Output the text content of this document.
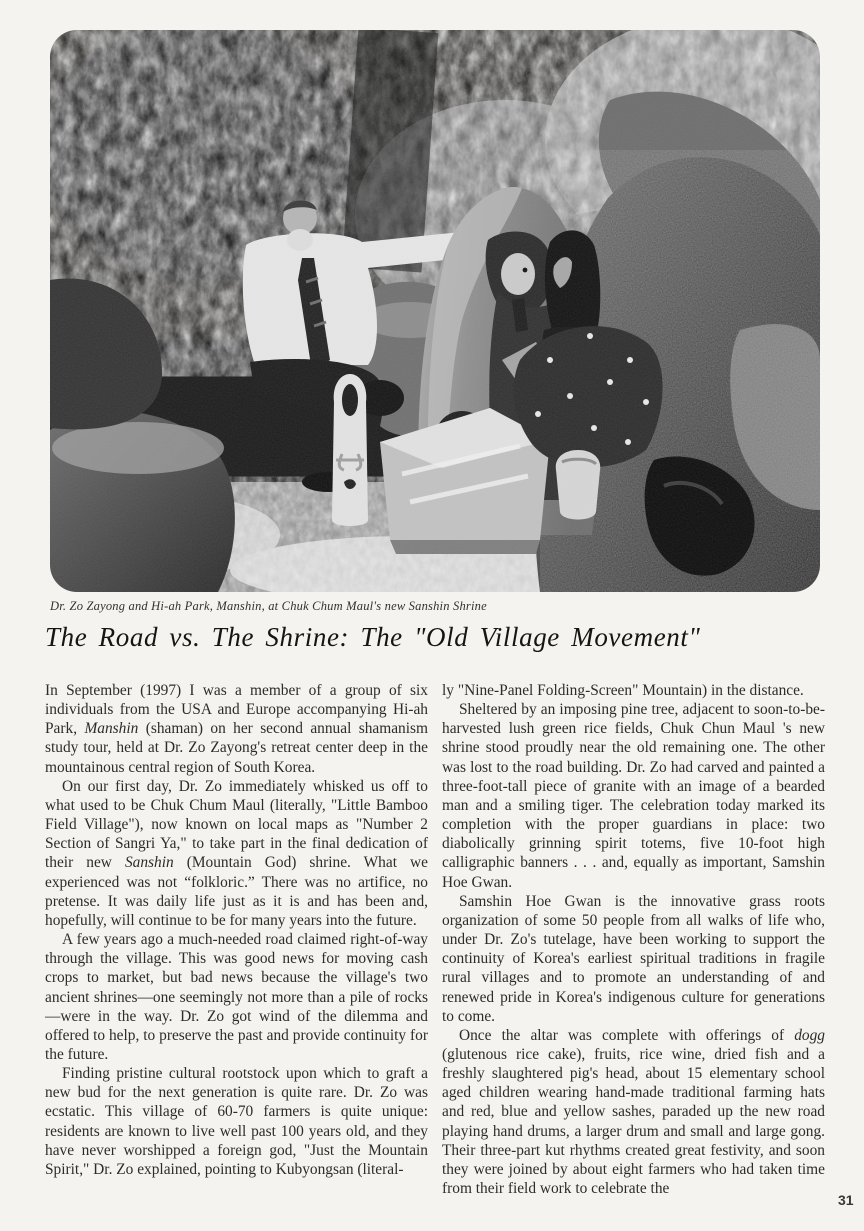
Dr. Zo Zayong and Hi-ah Park, Manshin, at Chuk Chum Maul's new Sanshin Shrine
The Road vs. The Shrine: The "Old Village Movement"

In September (1997) I was a member of a group of six individuals from the USA and Europe accompanying Hi-ah Park, Manshin (shaman) on her second annual shamanism study tour, held at Dr. Zo Zayong's retreat center deep in the mountainous central region of South Korea.

On our first day, Dr. Zo immediately whisked us off to what used to be Chuk Chum Maul (literally, "Little Bamboo Field Village"), now known on local maps as "Number 2 Section of Sangri Ya," to take part in the final dedication of their new Sanshin (Mountain God) shrine. What we experienced was not “folkloric.” There was no artifice, no pretense. It was daily life just as it is and has been and, hopefully, will continue to be for many years into the future.

A few years ago a much-needed road claimed right-of-way through the village. This was good news for moving cash crops to market, but bad news because the village's two ancient shrines—one seemingly not more than a pile of rocks—were in the way. Dr. Zo got wind of the dilemma and offered to help, to preserve the past and provide continuity for the future.

Finding pristine cultural rootstock upon which to graft a new bud for the next generation is quite rare. Dr. Zo was ecstatic. This village of 60-70 farmers is quite unique: residents are known to live well past 100 years old, and they have never worshipped a foreign god, "Just the Mountain Spirit," Dr. Zo explained, pointing to Kubyongsan (literal-

ly "Nine-Panel Folding-Screen" Mountain) in the distance.

Sheltered by an imposing pine tree, adjacent to soon-to-be-harvested lush green rice fields, Chuk Chun Maul 's new shrine stood proudly near the old remaining one. The other was lost to the road building. Dr. Zo had carved and painted a three-foot-tall piece of granite with an image of a bearded man and a smiling tiger. The celebration today marked its completion with the proper guardians in place: two diabolically grinning spirit totems, five 10-foot high calligraphic banners . . . and, equally as important, Samshin Hoe Gwan.

Samshin Hoe Gwan is the innovative grass roots organization of some 50 people from all walks of life who, under Dr. Zo's tutelage, have been working to support the continuity of Korea's earliest spiritual traditions in fragile rural villages and to promote an understanding of and renewed pride in Korea's indigenous culture for generations to come.

Once the altar was complete with offerings of dogg (glutenous rice cake), fruits, rice wine, dried fish and a freshly slaughtered pig's head, about 15 elementary school aged children wearing hand-made traditional farming hats and red, blue and yellow sashes, paraded up the new road playing hand drums, a larger drum and small and large gong. Their three-part kut rhythms created great festivity, and soon they were joined by about eight farmers who had taken time from their field work to celebrate the

31
